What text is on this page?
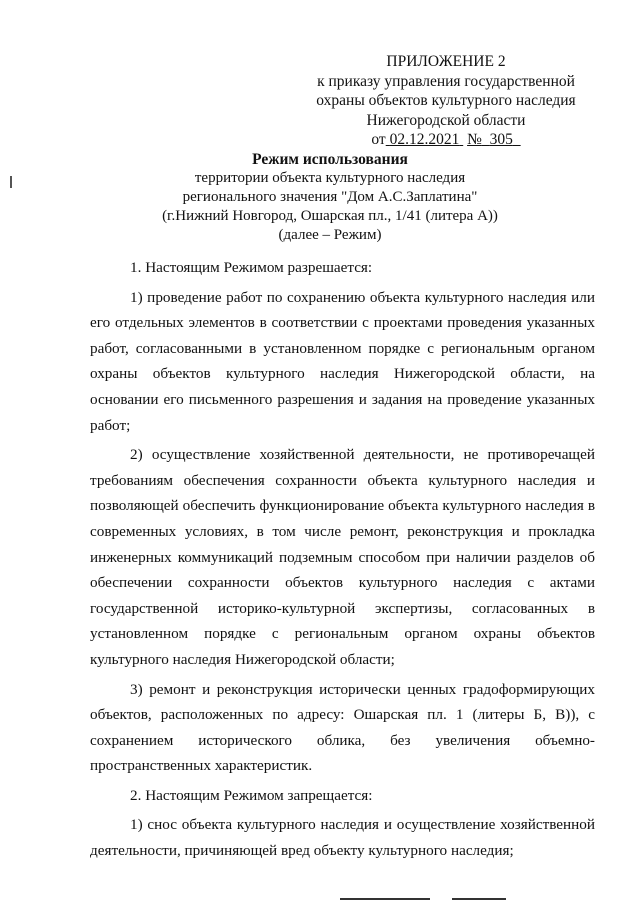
ПРИЛОЖЕНИЕ 2
к приказу управления государственной
охраны объектов культурного наследия
Нижегородской области
от 02.12.2021 № 305
Режим использования
территории объекта культурного наследия
регионального значения "Дом А.С.Заплатина"
(г.Нижний Новгород, Ошарская пл., 1/41 (литера А))
(далее – Режим)

1. Настоящим Режимом разрешается:

1) проведение работ по сохранению объекта культурного наследия или его отдельных элементов в соответствии с проектами проведения указанных работ, согласованными в установленном порядке с региональным органом охраны объектов культурного наследия Нижегородской области, на основании его письменного разрешения и задания на проведение указанных работ;

2) осуществление хозяйственной деятельности, не противоречащей требованиям обеспечения сохранности объекта культурного наследия и позволяющей обеспечить функционирование объекта культурного наследия в современных условиях, в том числе ремонт, реконструкция и прокладка инженерных коммуникаций подземным способом при наличии разделов об обеспечении сохранности объектов культурного наследия с актами государственной историко-культурной экспертизы, согласованных в установленном порядке с региональным органом охраны объектов культурного наследия Нижегородской области;

3) ремонт и реконструкция исторически ценных градоформирующих объектов, расположенных по адресу: Ошарская пл. 1 (литеры Б, В)), с сохранением исторического облика, без увеличения объемно-пространственных характеристик.

2. Настоящим Режимом запрещается:

1) снос объекта культурного наследия и осуществление хозяйственной деятельности, причиняющей вред объекту культурного наследия;
